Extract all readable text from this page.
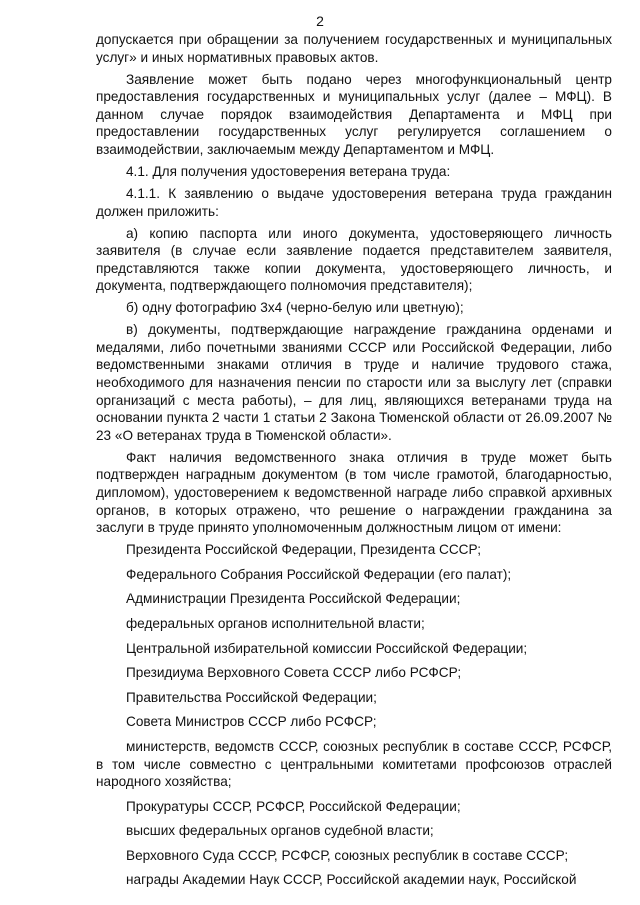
2

допускается при обращении за получением государственных и муниципальных услуг» и иных нормативных правовых актов.

Заявление может быть подано через многофункциональный центр предоставления государственных и муниципальных услуг (далее – МФЦ). В данном случае порядок взаимодействия Департамента и МФЦ при предоставлении государственных услуг регулируется соглашением о взаимодействии, заключаемым между Департаментом и МФЦ.

4.1. Для получения удостоверения ветерана труда:

4.1.1. К заявлению о выдаче удостоверения ветерана труда гражданин должен приложить:

а) копию паспорта или иного документа, удостоверяющего личность заявителя (в случае если заявление подается представителем заявителя, представляются также копии документа, удостоверяющего личность, и документа, подтверждающего полномочия представителя);

б) одну фотографию 3х4 (черно-белую или цветную);

в) документы, подтверждающие награждение гражданина орденами и медалями, либо почетными званиями СССР или Российской Федерации, либо ведомственными знаками отличия в труде и наличие трудового стажа, необходимого для назначения пенсии по старости или за выслугу лет (справки организаций с места работы), – для лиц, являющихся ветеранами труда на основании пункта 2 части 1 статьи 2 Закона Тюменской области от 26.09.2007 № 23 «О ветеранах труда в Тюменской области».

Факт наличия ведомственного знака отличия в труде может быть подтвержден наградным документом (в том числе грамотой, благодарностью, дипломом), удостоверением к ведомственной награде либо справкой архивных органов, в которых отражено, что решение о награждении гражданина за заслуги в труде принято уполномоченным должностным лицом от имени:

Президента Российской Федерации, Президента СССР;

Федерального Собрания Российской Федерации (его палат);

Администрации Президента Российской Федерации;

федеральных органов исполнительной власти;

Центральной избирательной комиссии Российской Федерации;

Президиума Верховного Совета СССР либо РСФСР;

Правительства Российской Федерации;

Совета Министров СССР либо РСФСР;

министерств, ведомств СССР, союзных республик в составе СССР, РСФСР, в том числе совместно с центральными комитетами профсоюзов отраслей народного хозяйства;

Прокуратуры СССР, РСФСР, Российской Федерации;

высших федеральных органов судебной власти;

Верховного Суда СССР, РСФСР, союзных республик в составе СССР;

награды Академии Наук СССР, Российской академии наук, Российской
